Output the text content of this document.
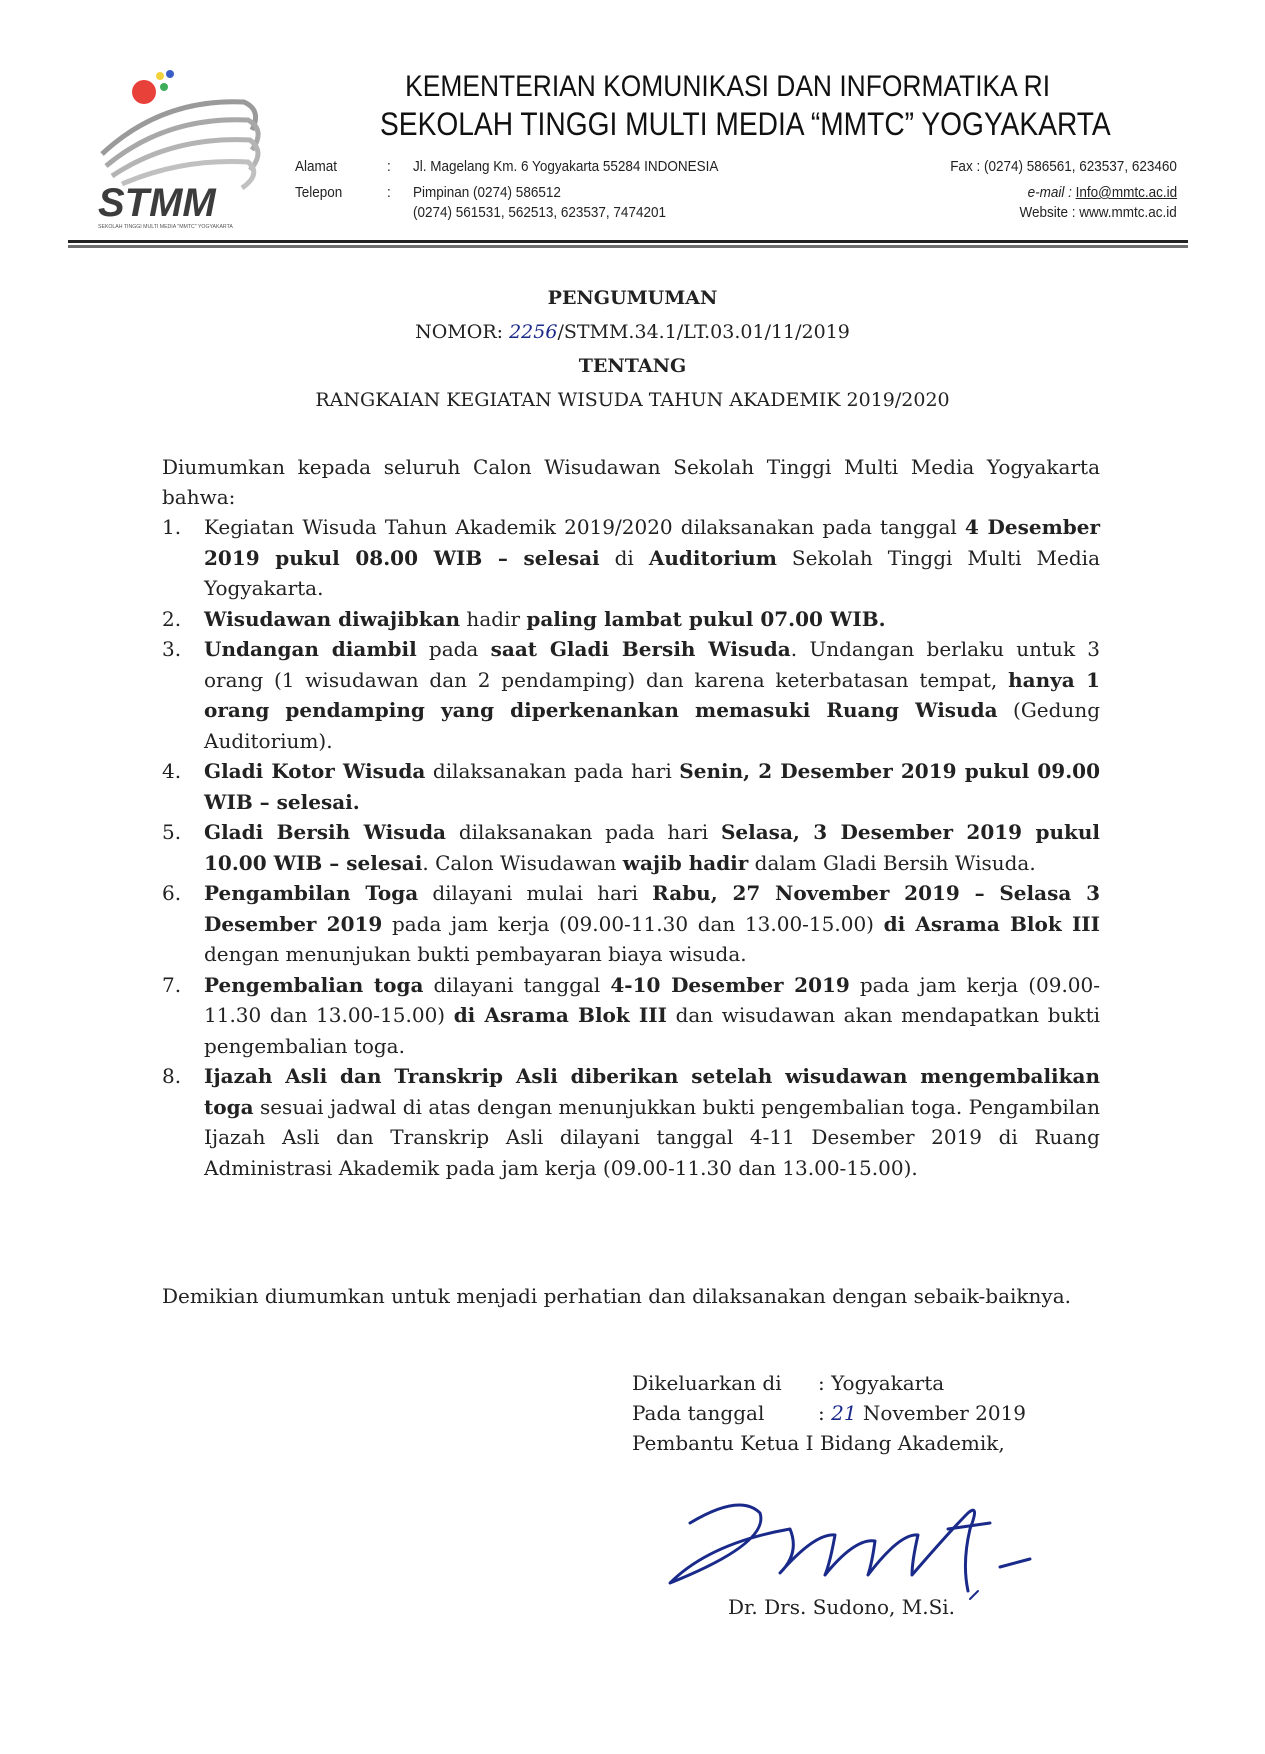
STMM
SEKOLAH TINGGI MULTI MEDIA "MMTC" YOGYAKARTA
KEMENTERIAN KOMUNIKASI DAN INFORMATIKA RI
SEKOLAH TINGGI MULTI MEDIA “MMTC” YOGYAKARTA
Alamat	: Jl. Magelang Km. 6 Yogyakarta 55284 INDONESIA
Telepon	: Pimpinan (0274) 586512
(0274) 561531, 562513, 623537, 7474201
Fax : (0274) 586561, 623537, 623460
e-mail : Info@mmtc.ac.id
Website : www.mmtc.ac.id
PENGUMUMAN
NOMOR: 2256/STMM.34.1/LT.03.01/11/2019
TENTANG
RANGKAIAN KEGIATAN WISUDA TAHUN AKADEMIK 2019/2020
Diumumkan kepada seluruh Calon Wisudawan Sekolah Tinggi Multi Media Yogyakarta bahwa:
1.	Kegiatan Wisuda Tahun Akademik 2019/2020 dilaksanakan pada tanggal 4 Desember 2019 pukul 08.00 WIB – selesai di Auditorium Sekolah Tinggi Multi Media Yogyakarta.
2.	Wisudawan diwajibkan hadir paling lambat pukul 07.00 WIB.
3.	Undangan diambil pada saat Gladi Bersih Wisuda. Undangan berlaku untuk 3 orang (1 wisudawan dan 2 pendamping) dan karena keterbatasan tempat, hanya 1 orang pendamping yang diperkenankan memasuki Ruang Wisuda (Gedung Auditorium).
4.	Gladi Kotor Wisuda dilaksanakan pada hari Senin, 2 Desember 2019 pukul 09.00 WIB – selesai.
5.	Gladi Bersih Wisuda dilaksanakan pada hari Selasa, 3 Desember 2019 pukul 10.00 WIB – selesai. Calon Wisudawan wajib hadir dalam Gladi Bersih Wisuda.
6.	Pengambilan Toga dilayani mulai hari Rabu, 27 November 2019 – Selasa 3 Desember 2019 pada jam kerja (09.00-11.30 dan 13.00-15.00) di Asrama Blok III dengan menunjukan bukti pembayaran biaya wisuda.
7.	Pengembalian toga dilayani tanggal 4-10 Desember 2019 pada jam kerja (09.00-11.30 dan 13.00-15.00) di Asrama Blok III dan wisudawan akan mendapatkan bukti pengembalian toga.
8.	Ijazah Asli dan Transkrip Asli diberikan setelah wisudawan mengembalikan toga sesuai jadwal di atas dengan menunjukkan bukti pengembalian toga. Pengambilan Ijazah Asli dan Transkrip Asli dilayani tanggal 4-11 Desember 2019 di Ruang Administrasi Akademik pada jam kerja (09.00-11.30 dan 13.00-15.00).
Demikian diumumkan untuk menjadi perhatian dan dilaksanakan dengan sebaik-baiknya.
Dikeluarkan di : Yogyakarta
Pada tanggal	: 21 November 2019
Pembantu Ketua I Bidang Akademik,
Dr. Drs. Sudono, M.Si.
